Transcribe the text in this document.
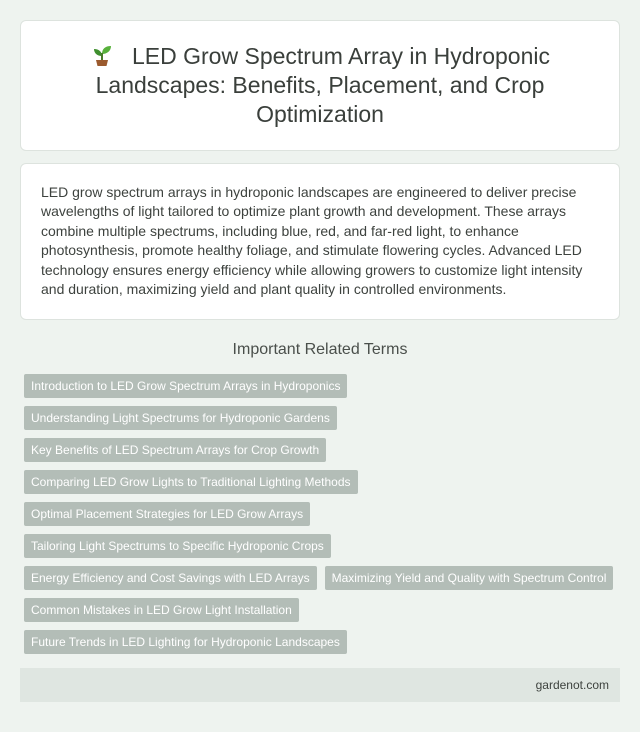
LED Grow Spectrum Array in Hydroponic Landscapes: Benefits, Placement, and Crop Optimization

LED grow spectrum arrays in hydroponic landscapes are engineered to deliver precise wavelengths of light tailored to optimize plant growth and development. These arrays combine multiple spectrums, including blue, red, and far-red light, to enhance photosynthesis, promote healthy foliage, and stimulate flowering cycles. Advanced LED technology ensures energy efficiency while allowing growers to customize light intensity and duration, maximizing yield and plant quality in controlled environments.

Important Related Terms
Introduction to LED Grow Spectrum Arrays in Hydroponics
Understanding Light Spectrums for Hydroponic Gardens
Key Benefits of LED Spectrum Arrays for Crop Growth
Comparing LED Grow Lights to Traditional Lighting Methods
Optimal Placement Strategies for LED Grow Arrays
Tailoring Light Spectrums to Specific Hydroponic Crops
Energy Efficiency and Cost Savings with LED Arrays	Maximizing Yield and Quality with Spectrum Control
Common Mistakes in LED Grow Light Installation
Future Trends in LED Lighting for Hydroponic Landscapes
gardenot.com
